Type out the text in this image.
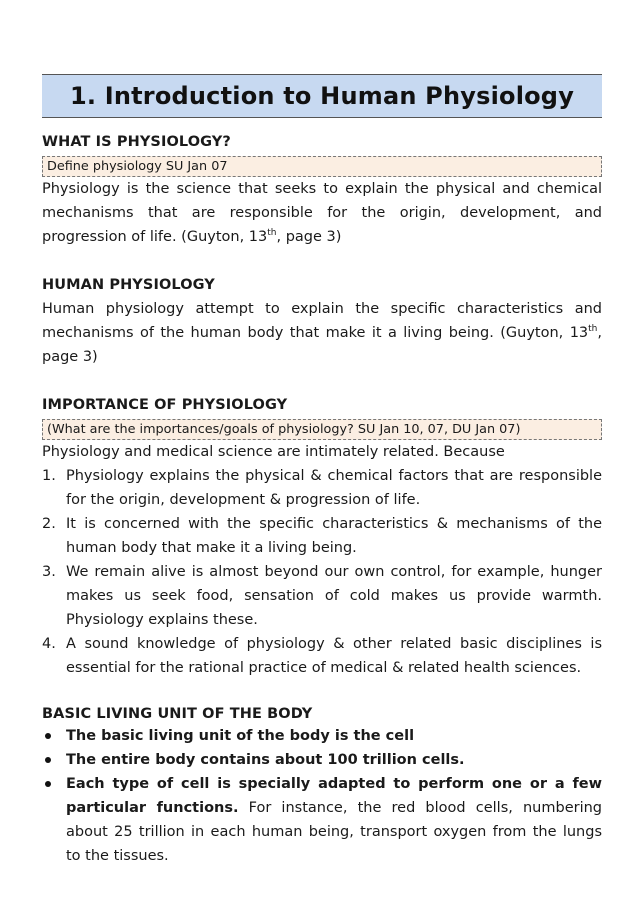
1. Introduction to Human Physiology

WHAT IS PHYSIOLOGY?

Define physiology SU Jan 07

Physiology is the science that seeks to explain the physical and chemical mechanisms that are responsible for the origin, development, and progression of life. (Guyton, 13th, page 3)

HUMAN PHYSIOLOGY

Human physiology attempt to explain the specific characteristics and mechanisms of the human body that make it a living being. (Guyton, 13th, page 3)

IMPORTANCE OF PHYSIOLOGY

(What are the importances/goals of physiology? SU Jan 10, 07, DU Jan 07)

Physiology and medical science are intimately related. Because

1. Physiology explains the physical & chemical factors that are responsible for the origin, development & progression of life.
2. It is concerned with the specific characteristics & mechanisms of the human body that make it a living being.
3. We remain alive is almost beyond our own control, for example, hunger makes us seek food, sensation of cold makes us provide warmth. Physiology explains these.
4. A sound knowledge of physiology & other related basic disciplines is essential for the rational practice of medical & related health sciences.

BASIC LIVING UNIT OF THE BODY

The basic living unit of the body is the cell
The entire body contains about 100 trillion cells.
Each type of cell is specially adapted to perform one or a few particular functions. For instance, the red blood cells, numbering about 25 trillion in each human being, transport oxygen from the lungs to the tissues.
